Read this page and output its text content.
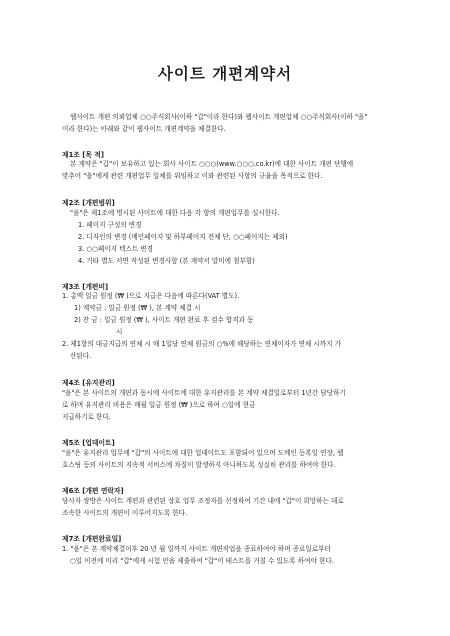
사이트 개편계약서
웹사이트 개편 의뢰업체 ○○주식회사(이하 "갑"이라 한다)와 웹사이트 개편업체 ○○주식회사(이하 "을"
이라 한다)는 아래와 같이 웹사이트 개편계약을 체결한다.
제1조 [목 적]
본 계약은 "갑"이 보유하고 있는 회사 사이트 ○○○(www.○○○.co.kr)에 대한 사이트 개편 단행에
맞추어 "을"에게 관련 개편업무 일체를 위임하고 이와 관련된 사항의 규율을 목적으로 한다.
제2조 [개편범위]
"을"은 제1조에 명시된 사이트에 대한 다음 각 항의 개편업무를 실시한다.
1. 페이지 구성의 변경
2. 디자인의 변경 (메인페이지 및 하부페이지 전체 단, ○○페이지는 제외)
3. ○○페이지 텍스트 변경
4. 기타 별도 서면 작성된 변경사항 (본 계약서 말미에 첨부함)
제3조 [개편비]
1. 총액 일금 원정 (₩ )으로 지급은 다음에 따른다(VAT 별도).
1) 계약금 : 일금 원정 (₩ ), 본 계약 체결 시
2) 잔 금 : 일금 원정 (₩ ), 사이트 개편 완료 후 검수 합격과 동
시
2. 제1항의 대금지급의 연체 시 매 1일당 연체 원금의 ○%에 해당하는 연체이자가 연체 시까지 가
산된다.
제4조 [유지관리]
"을"은 본 사이트의 개편과 동시에 사이트에 대한 유지관리를 본 계약 체결일로부터 1년간 담당하기
로 하며 유지관리 비용은 매월 일금 원정 (₩ )으로 하여 ○일에 현금
지급하기로 한다.
제5조 [업데이트]
"을"은 유지관리 업무에 "갑"의 사이트에 대한 업데이트도 포함되어 있으며 도메인 등록일 연장, 웹
호스팅 등의 사이트의 지속적 서비스에 차질이 발생하지 아니하도록 성실히 관리를 하여야 한다.
제6조 [개편 연락자]
당사자 쌍방은 사이트 개편과 관련된 상호 업무 조정자를 선정하여 기간 내에 "갑"이 희망하는 대로
조속한 사이트의 개편이 이루어지도록 한다.
제7조 [개편완료일]
1. "을"은 본 계약체결이후 20 년 월 일까지 사이트 개편작업을 종료하여야 하며 종료일로부터
○일 이전에 미리 "갑"에게 시험 안을 제출하여 "갑"이 테스트를 거칠 수 있도록 하여야 한다.
